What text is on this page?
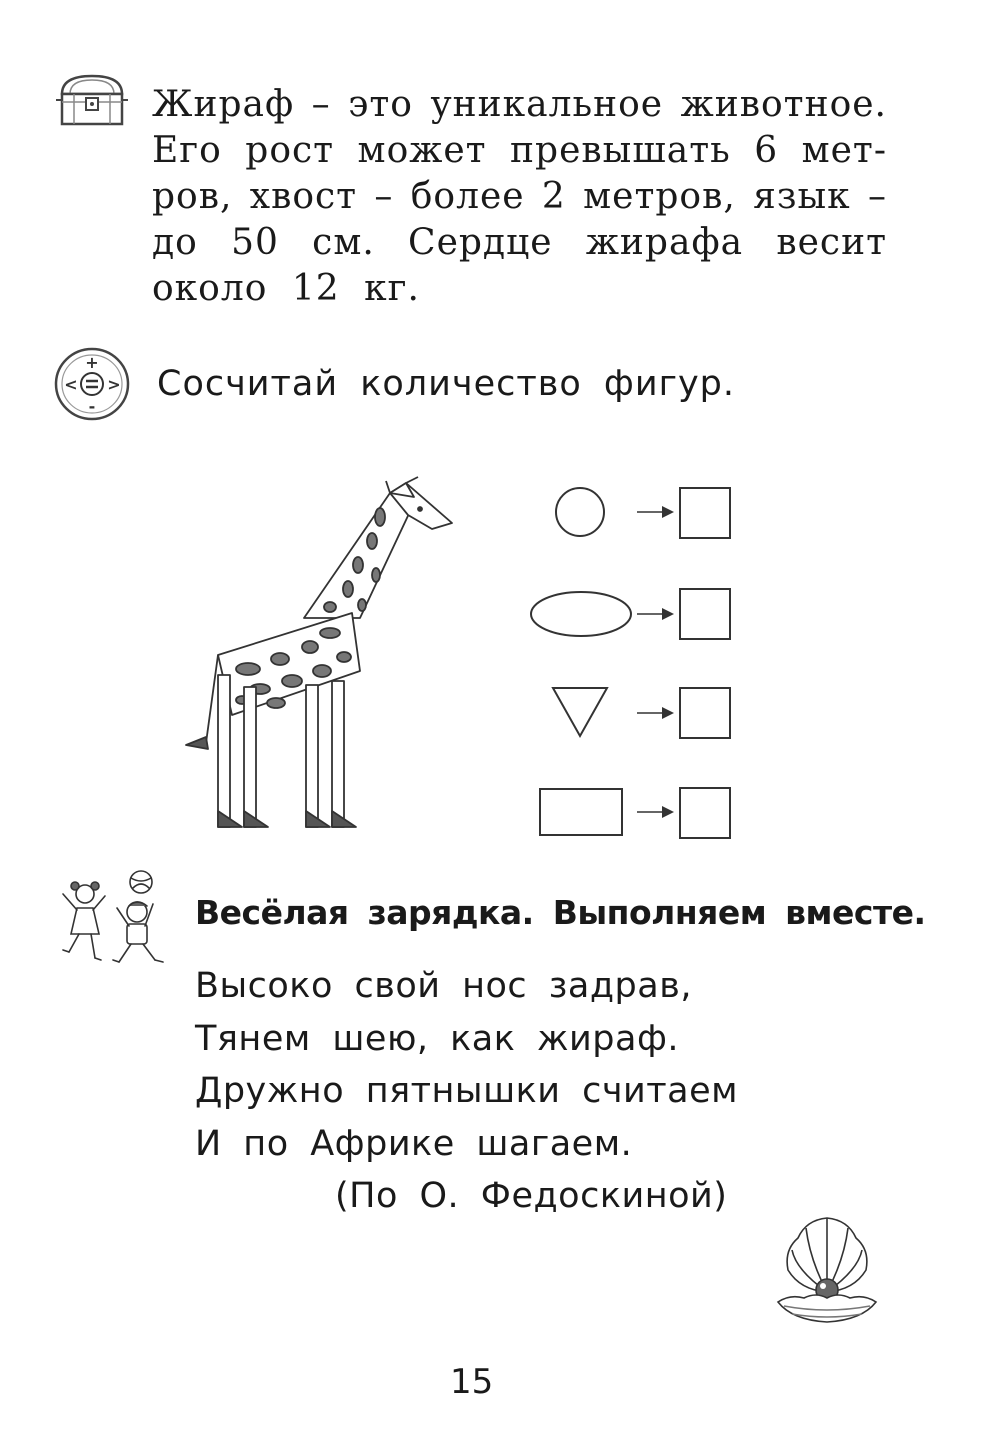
Жираф – это уникальное животное.
Его рост может превышать 6 мет-
ров, хвост – более 2 метров, язык –
до 50 см. Сердце жирафа весит
около 12 кг.
+
< >
-
Сосчитай количество фигур.
Весёлая зарядка. Выполняем вместе.
Высоко свой нос задрав,
Тянем шею, как жираф.
Дружно пятнышки считаем
И по Африке шагаем.
(По О. Федоскиной)
15
